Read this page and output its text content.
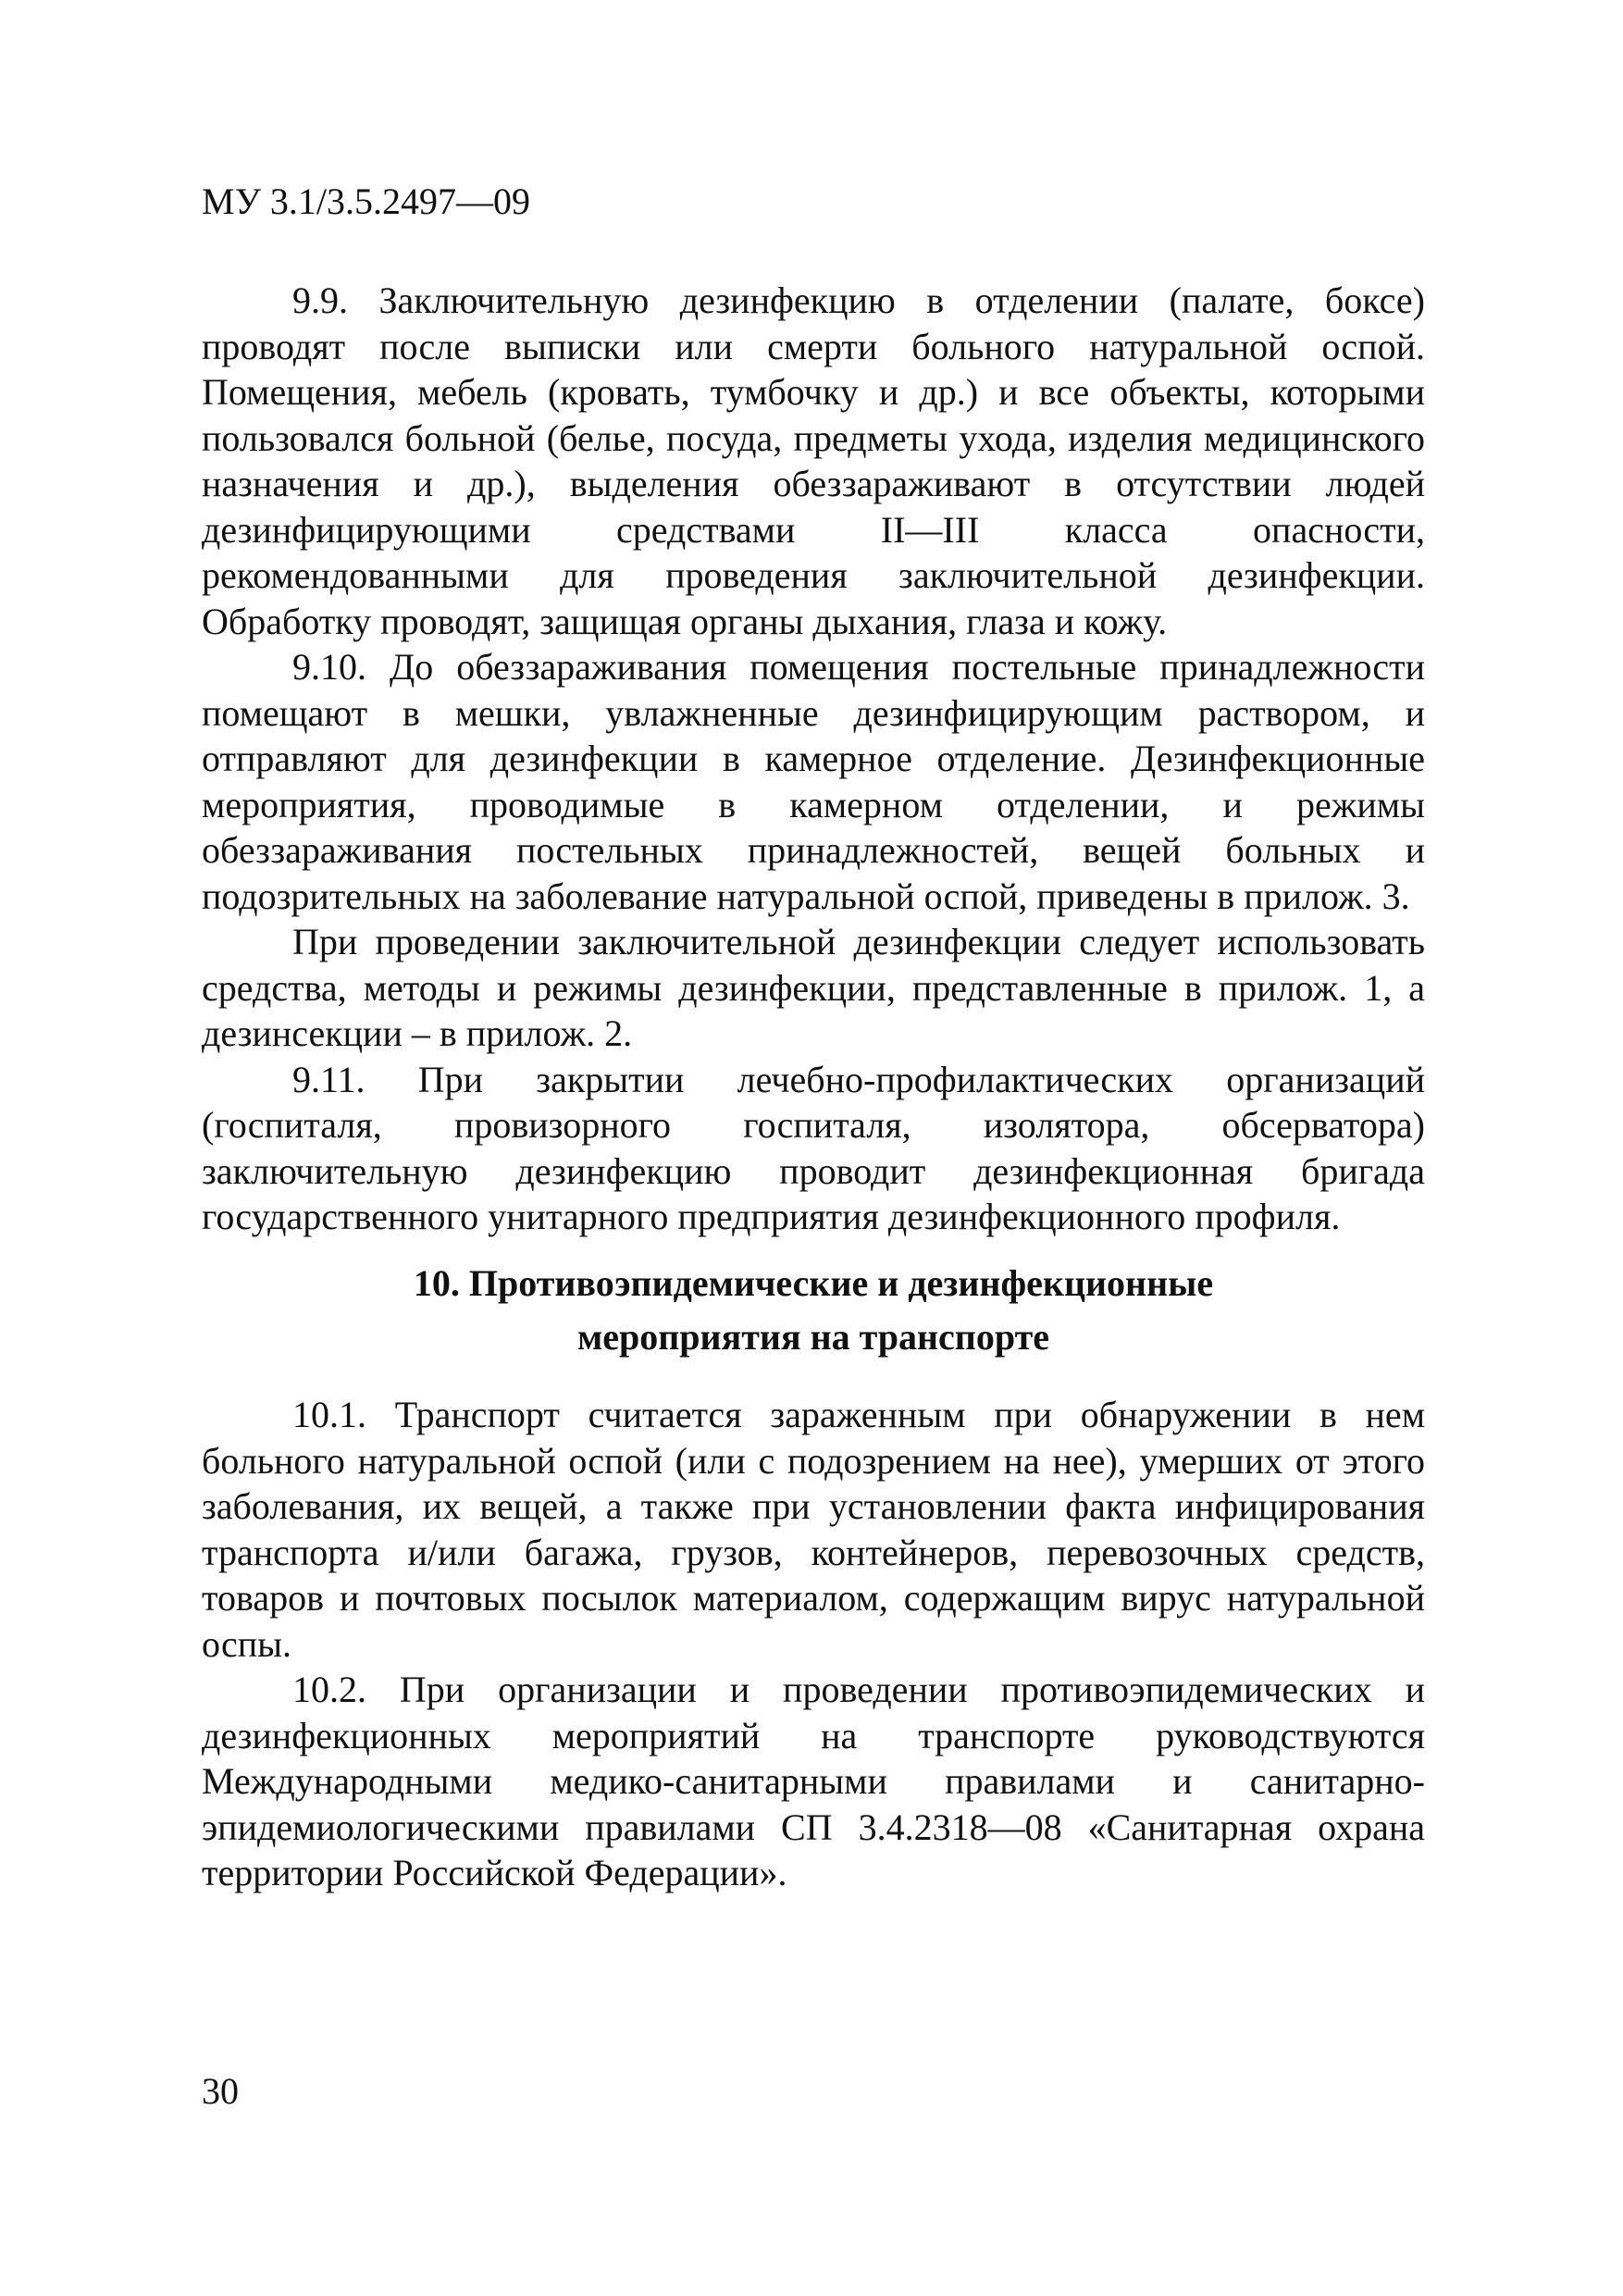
МУ 3.1/3.5.2497—09

9.9. Заключительную дезинфекцию в отделении (палате, боксе) проводят после выписки или смерти больного натуральной оспой. Помещения, мебель (кровать, тумбочку и др.) и все объекты, которыми пользовался больной (белье, посуда, предметы ухода, изделия медицинского назначения и др.), выделения обеззараживают в отсутствии людей дезинфицирующими средствами II—III класса опасности, рекомендованными для проведения заключительной дезинфекции. Обработку проводят, защищая органы дыхания, глаза и кожу.

9.10. До обеззараживания помещения постельные принадлежности помещают в мешки, увлажненные дезинфицирующим раствором, и отправляют для дезинфекции в камерное отделение. Дезинфекционные мероприятия, проводимые в камерном отделении, и режимы обеззараживания постельных принадлежностей, вещей больных и подозрительных на заболевание натуральной оспой, приведены в прилож. 3.

При проведении заключительной дезинфекции следует использовать средства, методы и режимы дезинфекции, представленные в прилож. 1, а дезинсекции – в прилож. 2.

9.11. При закрытии лечебно-профилактических организаций (госпиталя, провизорного госпиталя, изолятора, обсерватора) заключительную дезинфекцию проводит дезинфекционная бригада государственного унитарного предприятия дезинфекционного профиля.

10. Противоэпидемические и дезинфекционные
мероприятия на транспорте

10.1. Транспорт считается зараженным при обнаружении в нем больного натуральной оспой (или с подозрением на нее), умерших от этого заболевания, их вещей, а также при установлении факта инфицирования транспорта и/или багажа, грузов, контейнеров, перевозочных средств, товаров и почтовых посылок материалом, содержащим вирус натуральной оспы.

10.2. При организации и проведении противоэпидемических и дезинфекционных мероприятий на транспорте руководствуются Международными медико-санитарными правилами и санитарно-эпидемиологическими правилами СП 3.4.2318—08 «Санитарная охрана территории Российской Федерации».

30
